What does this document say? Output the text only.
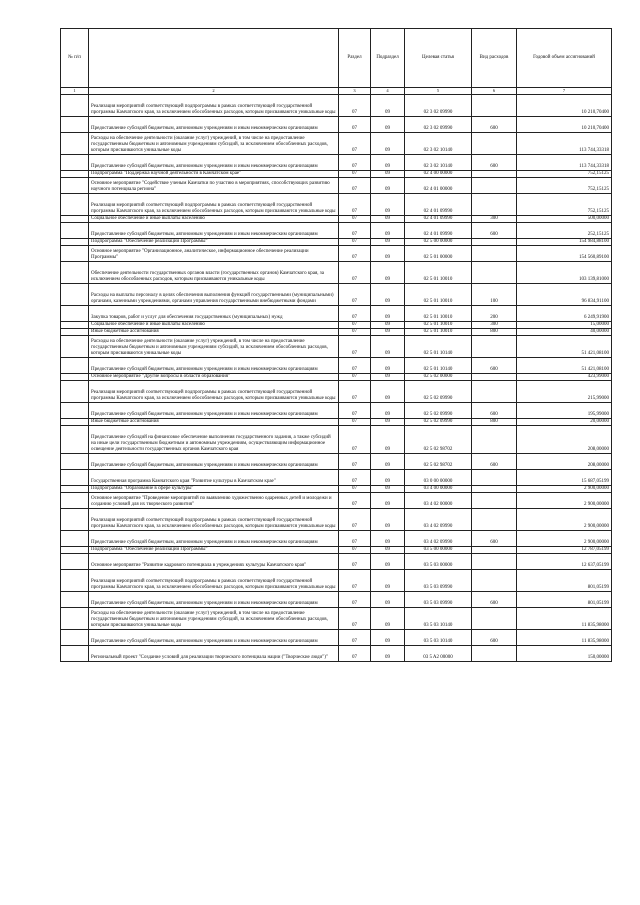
№ п/п		Раздел	Подраздел	Целевая статья	Вид расходов	Годовой объем ассигнований
1	2	3	4	5	6	7
	Реализация мероприятий соответствующей подпрограммы в рамках соответствующей государственной программы Камчатского края, за исключением обособленных расходов, которым присваиваются уникальные коды	07	09	02 3 02 09990		10 210,70400
	Предоставление субсидий бюджетным, автономным учреждениям и иным некоммерческим организациям	07	09	02 3 02 09990	600	10 210,70400
	Расходы на обеспечение деятельности (оказание услуг) учреждений, в том числе на предоставление государственным бюджетным и автономным учреждениям субсидий, за исключением обособленных расходов, которым присваиваются уникальные коды	07	09	02 3 02 10140		113 744,33318
	Предоставление субсидий бюджетным, автономным учреждениям и иным некоммерческим организациям	07	09	02 3 02 10140	600	113 744,33318
	Подпрограмма "Поддержка научной деятельности в Камчатском крае"	07	09	02 4 00 00000		752,15125
	Основное мероприятие "Содействие ученым Камчатки по участию в мероприятиях, способствующих развитию научного потенциала региона"	07	09	02 4 01 00000		752,15125
	Реализация мероприятий соответствующей подпрограммы в рамках соответствующей государственной программы Камчатского края, за исключением обособленных расходов, которым присваиваются уникальные коды	07	09	02 4 01 09990		752,15125
	Социальное обеспечение и иные выплаты населению	07	09	02 4 01 09990	300	500,00000
	Предоставление субсидий бюджетным, автономным учреждениям и иным некоммерческим организациям	07	09	02 4 01 09990	600	252,15125
	Подпрограмма "Обеспечение реализации Программы"	07	09	02 5 00 00000		154 984,88100
	Основное мероприятие "Организационное, аналитическое, информационное обеспечение реализации Программы"	07	09	02 5 01 00000		154 560,89100
	Обеспечение деятельности государственных органов власти (государственных органов) Камчатского края, за исключением обособленных расходов, которым присваиваются уникальные коды	07	09	02 5 01 10010		103 139,81000
	Расходы на выплаты персоналу в целях обеспечения выполнения функций государственными (муниципальными) органами, казенными учреждениями, органами управления государственными внебюджетными фондами	07	09	02 5 01 10010	100	96 834,91100
	Закупка товаров, работ и услуг для обеспечения государственных (муниципальных) нужд	07	09	02 5 01 10010	200	6 249,91900
	Социальное обеспечение и иные выплаты населению	07	09	02 5 01 10010	300	15,00000
	Иные бюджетные ассигнования	07	09	02 5 01 10010	800	40,00000
	Расходы на обеспечение деятельности (оказание услуг) учреждений, в том числе на предоставление государственным бюджетным и автономным учреждениям субсидий, за исключением обособленных расходов, которым присваиваются уникальные коды	07	09	02 5 01 10140		51 421,08100
	Предоставление субсидий бюджетным, автономным учреждениям и иным некоммерческим организациям	07	09	02 5 01 10140	600	51 421,08100
	Основное мероприятие "Другие вопросы в области образования"	07	09	02 5 02 00000		423,99000
	Реализация мероприятий соответствующей подпрограммы в рамках соответствующей государственной программы Камчатского края, за исключением обособленных расходов, которым присваиваются уникальные коды	07	09	02 5 02 09990		215,99000
	Предоставление субсидий бюджетным, автономным учреждениям и иным некоммерческим организациям	07	09	02 5 02 09990	600	195,99000
	Иные бюджетные ассигнования	07	09	02 5 02 09990	800	20,00000
	Предоставление субсидий на финансовое обеспечение выполнения государственного задания, а также субсидий на иные цели государственным бюджетным и автономным учреждениям, осуществляющим информационное освещение деятельности государственных органов Камчатского края	07	09	02 5 02 98702		208,00000
	Предоставление субсидий бюджетным, автономным учреждениям и иным некоммерческим организациям	07	09	02 5 02 98702	600	208,00000
	Государственная программа Камчатского края "Развитие культуры в Камчатском крае"	07	09	03 0 00 00000		15 687,05199
	Подпрограмма "Образование в сфере культуры"	07	09	03 4 00 00000		2 900,00000
	Основное мероприятие "Проведение мероприятий по выявлению художественно одаренных детей и молодежи и созданию условий для их творческого развития"	07	09	03 4 02 00000		2 900,00000
	Реализация мероприятий соответствующей подпрограммы в рамках соответствующей государственной программы Камчатского края, за исключением обособленных расходов, которым присваиваются уникальные коды	07	09	03 4 02 09990		2 900,00000
	Предоставление субсидий бюджетным, автономным учреждениям и иным некоммерческим организациям	07	09	03 4 02 09990	600	2 900,00000
	Подпрограмма "Обеспечение реализации Программы"	07	09	03 5 00 00000		12 787,05199
	Основное мероприятие "Развитие кадрового потенциала в учреждениях культуры Камчатского края"	07	09	03 5 03 00000		12 637,05199
	Реализация мероприятий соответствующей подпрограммы в рамках соответствующей государственной программы Камчатского края, за исключением обособленных расходов, которым присваиваются уникальные коды	07	09	03 5 03 09990		801,05199
	Предоставление субсидий бюджетным, автономным учреждениям и иным некоммерческим организациям	07	09	03 5 03 09990	600	801,05199
	Расходы на обеспечение деятельности (оказание услуг) учреждений, в том числе на предоставление государственным бюджетным и автономным учреждениям субсидий, за исключением обособленных расходов, которым присваиваются уникальные коды	07	09	03 5 03 10140		11 835,98000
	Предоставление субсидий бюджетным, автономным учреждениям и иным некоммерческим организациям	07	09	03 5 03 10140	600	11 835,98000
	Региональный проект "Создание условий для реализации творческого потенциала нации ("Творческие люди")"	07	09	03 5 A2 00000		150,00000
